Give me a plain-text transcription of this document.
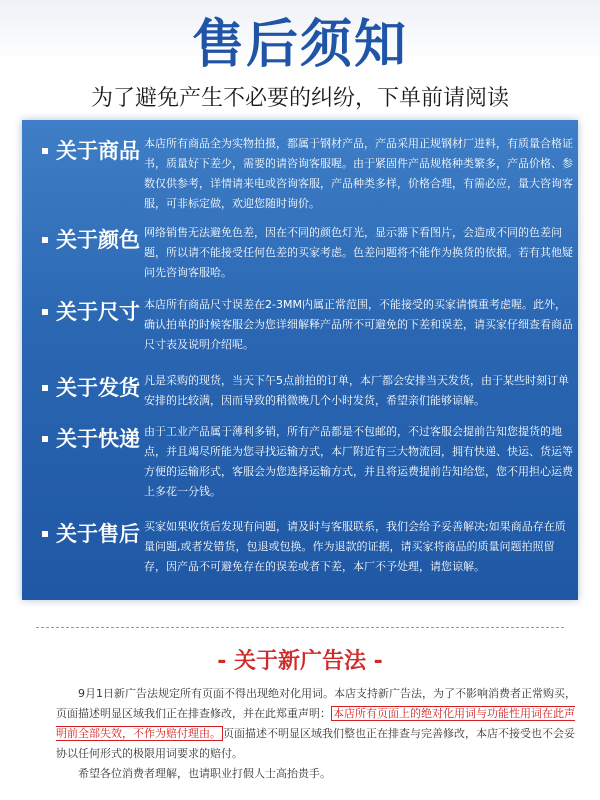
售后须知
为了避免产生不必要的纠纷，下单前请阅读
关于商品 本店所有商品全为实物拍摄，都属于钢材产品，产品采用正规钢材厂进料，有质量合格证书，质量好下差少，需要的请咨询客服喔。由于紧固件产品规格种类繁多，产品价格、参数仅供参考，详情请来电或咨询客服，产品种类多样，价格合理，有需必应，量大咨询客服，可非标定做，欢迎您随时询价。
关于颜色 网络销售无法避免色差，因在不同的颜色灯光，显示器下看图片，会造成不同的色差问题，所以请不能接受任何色差的买家考虑。色差问题将不能作为换货的依据。若有其他疑问先咨询客服哈。
关于尺寸 本店所有商品尺寸误差在2-3MM内属正常范围，不能接受的买家请慎重考虑喔。此外，确认拍单的时候客服会为您详细解释产品所不可避免的下差和误差，请买家仔细查看商品尺寸表及说明介绍呢。
关于发货 凡是采购的现货，当天下午5点前拍的订单，本厂都会安排当天发货，由于某些时刻订单安排的比较满，因而导致的稍微晚几个小时发货，希望亲们能够谅解。
关于快递 由于工业产品属于薄利多销，所有产品都是不包邮的，不过客服会提前告知您提货的地点，并且竭尽所能为您寻找运输方式，本厂附近有三大物流园，拥有快递、快运、货运等方便的运输形式，客服会为您选择运输方式，并且将运费提前告知给您，您不用担心运费上多花一分钱。
关于售后 买家如果收货后发现有问题，请及时与客服联系，我们会给予妥善解决;如果商品存在质量问题,或者发错货，包退或包换。作为退款的证据，请买家将商品的质量问题拍照留存，因产品不可避免存在的误差或者下差，本厂不予处理，请您谅解。
- 关于新广告法 -

9月1日新广告法规定所有页面不得出现绝对化用词。本店支持新广告法，为了不影响消费者正常购买，页面描述明显区域我们正在排查修改，并在此郑重声明： 本店所有页面上的绝对化用词与功能性用词在此声明前全部失效，不作为赔付理由。 页面描述不明显区域我们整也正在排查与完善修改，本店不接受也不会妥协以任何形式的极限用词要求的赔付。

希望各位消费者理解，也请职业打假人士高抬贵手。
